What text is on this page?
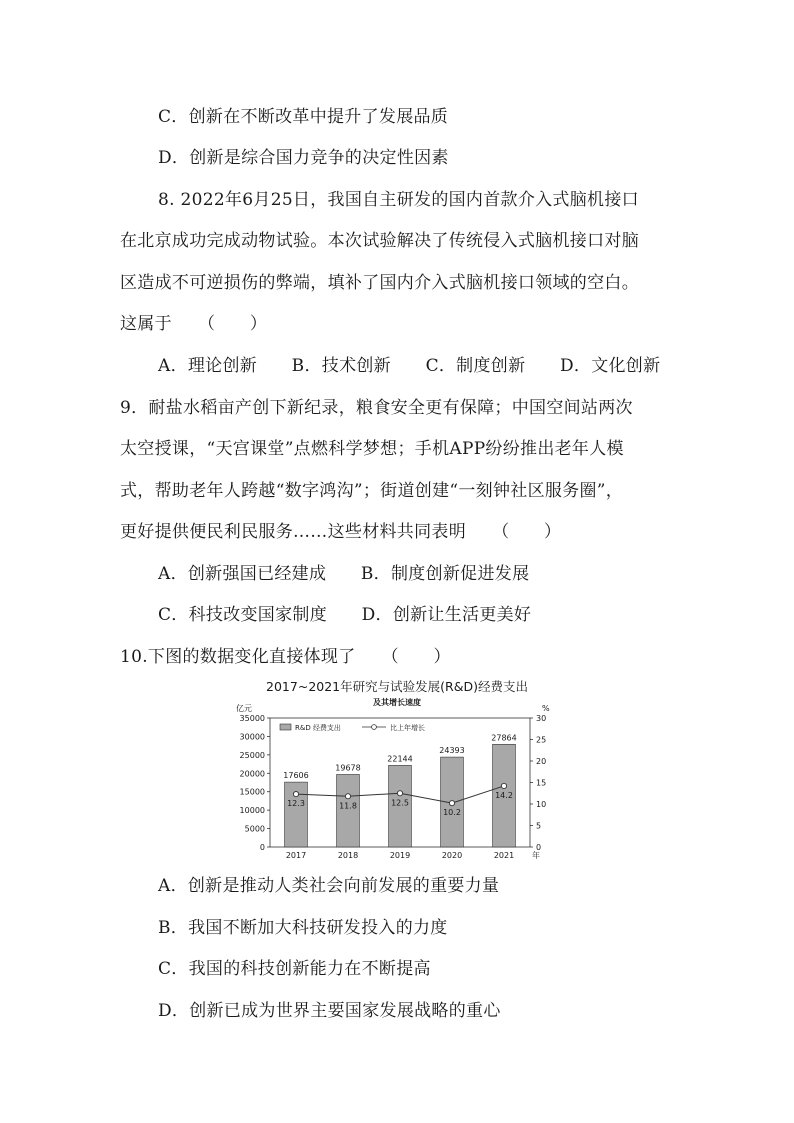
C．创新在不断改革中提升了发展品质
D．创新是综合国力竞争的决定性因素
8. 2022年6月25日，我国自主研发的国内首款介入式脑机接口
在北京成功完成动物试验。本次试验解决了传统侵入式脑机接口对脑
区造成不可逆损伤的弊端，填补了国内介入式脑机接口领域的空白。
这属于　　（　　）
A．理论创新　　B．技术创新　　C．制度创新　　D．文化创新
9．耐盐水稻亩产创下新纪录，粮食安全更有保障；中国空间站两次
太空授课，“天宫课堂”点燃科学梦想；手机APP纷纷推出老年人模
式，帮助老年人跨越“数字鸿沟”；街道创建“一刻钟社区服务圈”，
更好提供便民利民服务……这些材料共同表明　　（　　）
A．创新强国已经建成　　B．制度创新促进发展
C．科技改变国家制度　　D．创新让生活更美好
10.下图的数据变化直接体现了　　（　　）
2017~2021年研究与试验发展(R&D)经费支出
及其增长速度
亿元	%
0
5000
10000
15000
20000
25000
30000
35000
0
5
10
15
20
25
30
R&D 经费支出	比上年增长
17606
2017
19678
2018
22144
2019
24393
2020
27864
2021 年
12.3	11.8	12.5
10.2
14.2
A．创新是推动人类社会向前发展的重要力量
B．我国不断加大科技研发投入的力度
C．我国的科技创新能力在不断提高
D．创新已成为世界主要国家发展战略的重心
